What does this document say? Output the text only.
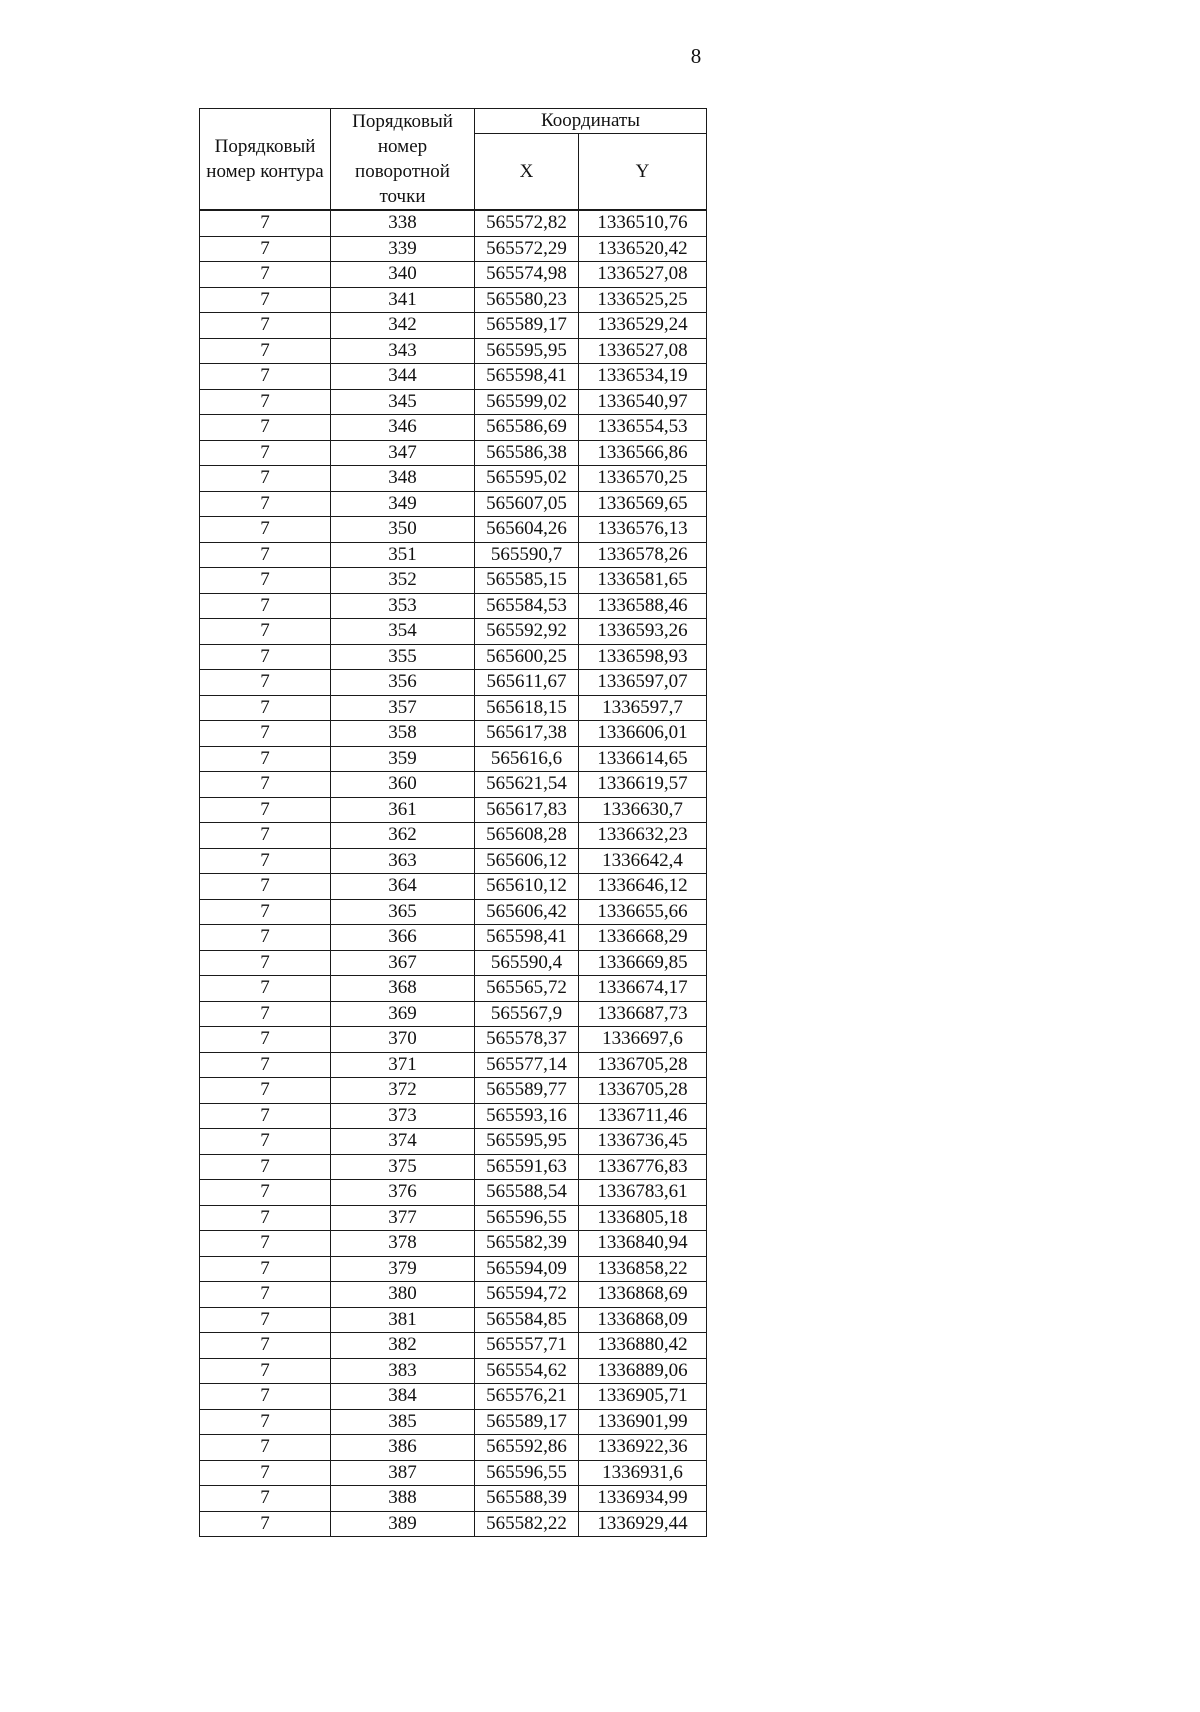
8
Порядковый номер контура	Порядковый номер поворотной точки	Координаты	
		X	Y
7	338	565572,82	1336510,76
7	339	565572,29	1336520,42
7	340	565574,98	1336527,08
7	341	565580,23	1336525,25
7	342	565589,17	1336529,24
7	343	565595,95	1336527,08
7	344	565598,41	1336534,19
7	345	565599,02	1336540,97
7	346	565586,69	1336554,53
7	347	565586,38	1336566,86
7	348	565595,02	1336570,25
7	349	565607,05	1336569,65
7	350	565604,26	1336576,13
7	351	565590,7	1336578,26
7	352	565585,15	1336581,65
7	353	565584,53	1336588,46
7	354	565592,92	1336593,26
7	355	565600,25	1336598,93
7	356	565611,67	1336597,07
7	357	565618,15	1336597,7
7	358	565617,38	1336606,01
7	359	565616,6	1336614,65
7	360	565621,54	1336619,57
7	361	565617,83	1336630,7
7	362	565608,28	1336632,23
7	363	565606,12	1336642,4
7	364	565610,12	1336646,12
7	365	565606,42	1336655,66
7	366	565598,41	1336668,29
7	367	565590,4	1336669,85
7	368	565565,72	1336674,17
7	369	565567,9	1336687,73
7	370	565578,37	1336697,6
7	371	565577,14	1336705,28
7	372	565589,77	1336705,28
7	373	565593,16	1336711,46
7	374	565595,95	1336736,45
7	375	565591,63	1336776,83
7	376	565588,54	1336783,61
7	377	565596,55	1336805,18
7	378	565582,39	1336840,94
7	379	565594,09	1336858,22
7	380	565594,72	1336868,69
7	381	565584,85	1336868,09
7	382	565557,71	1336880,42
7	383	565554,62	1336889,06
7	384	565576,21	1336905,71
7	385	565589,17	1336901,99
7	386	565592,86	1336922,36
7	387	565596,55	1336931,6
7	388	565588,39	1336934,99
7	389	565582,22	1336929,44
